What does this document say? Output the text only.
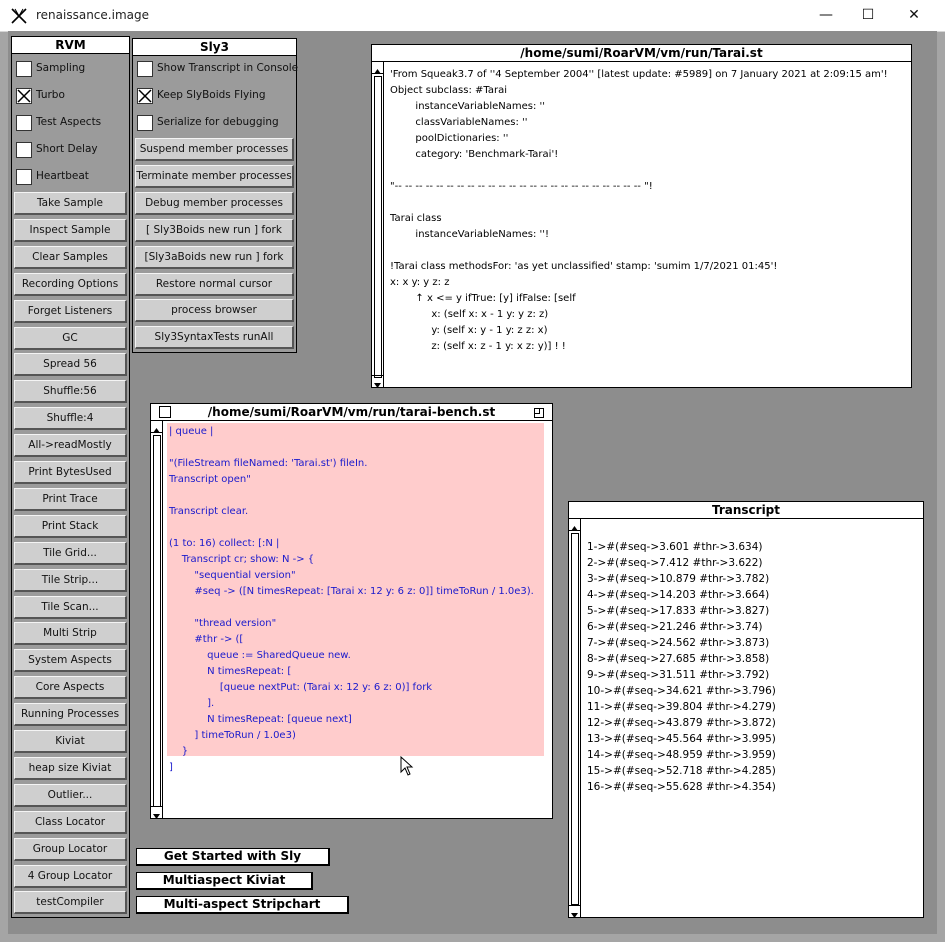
renaissance.image	—	☐	✕
RVM
Sampling
Turbo
Test Aspects
Short Delay
Heartbeat
Take Sample
Inspect Sample
Clear Samples
Recording Options
Forget Listeners
GC
Spread 56
Shuffle:56
Shuffle:4
All->readMostly
Print BytesUsed
Print Trace
Print Stack
Tile Grid...
Tile Strip...
Tile Scan...
Multi Strip
System Aspects
Core Aspects
Running Processes
Kiviat
heap size Kiviat
Outlier...
Class Locator
Group Locator
4 Group Locator
testCompiler
Sly3
Show Transcript in Console
Keep SlyBoids Flying
Serialize for debugging
Suspend member processes
Terminate member processes
Debug member processes
[ Sly3Boids new run ] fork
[Sly3aBoids new run ] fork
Restore normal cursor
process browser
Sly3SyntaxTests runAll
/home/sumi/RoarVM/vm/run/Tarai.st
'From Squeak3.7 of ''4 September 2004'' [latest update: #5989] on 7 January 2021 at 2:09:15 am'!
Object subclass: #Tarai
instanceVariableNames: ''
classVariableNames: ''
poolDictionaries: ''
category: 'Benchmark-Tarai'!
"-- -- -- -- -- -- -- -- -- -- -- -- -- -- -- -- -- -- -- -- -- -- -- -- "!
Tarai class
instanceVariableNames: ''!
!Tarai class methodsFor: 'as yet unclassified' stamp: 'sumim 1/7/2021 01:45'!
x: x y: y z: z
↑ x <= y ifTrue: [y] ifFalse: [self
x: (self x: x - 1 y: y z: z)
y: (self x: y - 1 y: z z: x)
z: (self x: z - 1 y: x z: y)] ! !
/home/sumi/RoarVM/vm/run/tarai-bench.st
| queue |
"(FileStream fileNamed: 'Tarai.st') fileIn.
Transcript open"
Transcript clear.
(1 to: 16) collect: [:N |
Transcript cr; show: N -> {
"sequential version"
#seq -> ([N timesRepeat: [Tarai x: 12 y: 6 z: 0]] timeToRun / 1.0e3).
"thread version"
#thr -> ([
queue := SharedQueue new.
N timesRepeat: [
[queue nextPut: (Tarai x: 12 y: 6 z: 0)] fork
].
N timesRepeat: [queue next]
] timeToRun / 1.0e3)
}
]
Transcript
1->#(#seq->3.601 #thr->3.634)
2->#(#seq->7.412 #thr->3.622)
3->#(#seq->10.879 #thr->3.782)
4->#(#seq->14.203 #thr->3.664)
5->#(#seq->17.833 #thr->3.827)
6->#(#seq->21.246 #thr->3.74)
7->#(#seq->24.562 #thr->3.873)
8->#(#seq->27.685 #thr->3.858)
9->#(#seq->31.511 #thr->3.792)
10->#(#seq->34.621 #thr->3.796)
11->#(#seq->39.804 #thr->4.279)
12->#(#seq->43.879 #thr->3.872)
13->#(#seq->45.564 #thr->3.995)
14->#(#seq->48.959 #thr->3.959)
15->#(#seq->52.718 #thr->4.285)
16->#(#seq->55.628 #thr->4.354)
Get Started with Sly
Multiaspect Kiviat
Multi-aspect Stripchart
